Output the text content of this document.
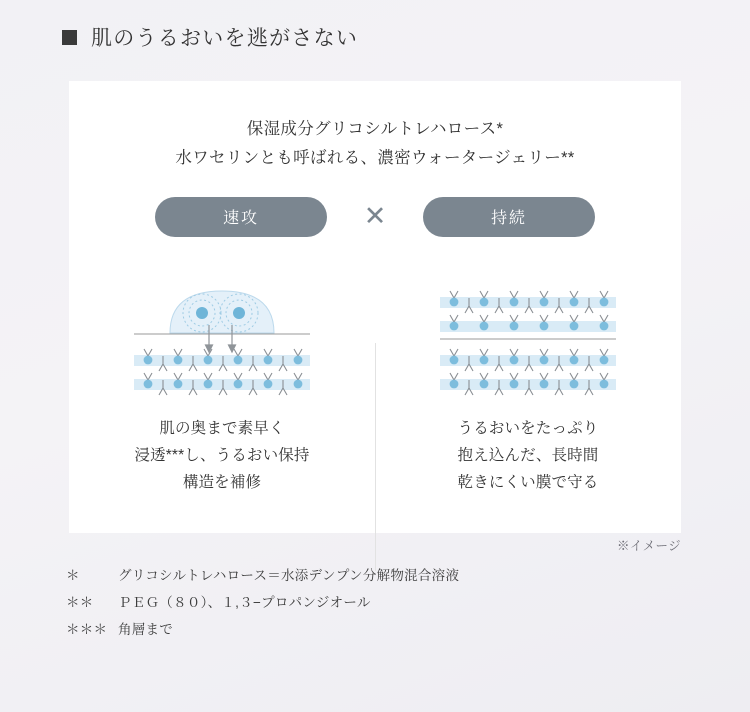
肌のうるおいを逃がさない
保湿成分グリコシルトレハロース*
水ワセリンとも呼ばれる、濃密ウォータージェリー**
速攻	✕	持続
肌の奥まで素早く
浸透***し、うるおい保持
構造を補修
うるおいをたっぷり
抱え込んだ、長時間
乾きにくい膜で守る
※イメージ
＊	グリコシルトレハロース＝水添デンプン分解物混合溶液
＊＊	ＰＥＧ（８０）、１,３−プロパンジオール
＊＊＊ 角層まで
